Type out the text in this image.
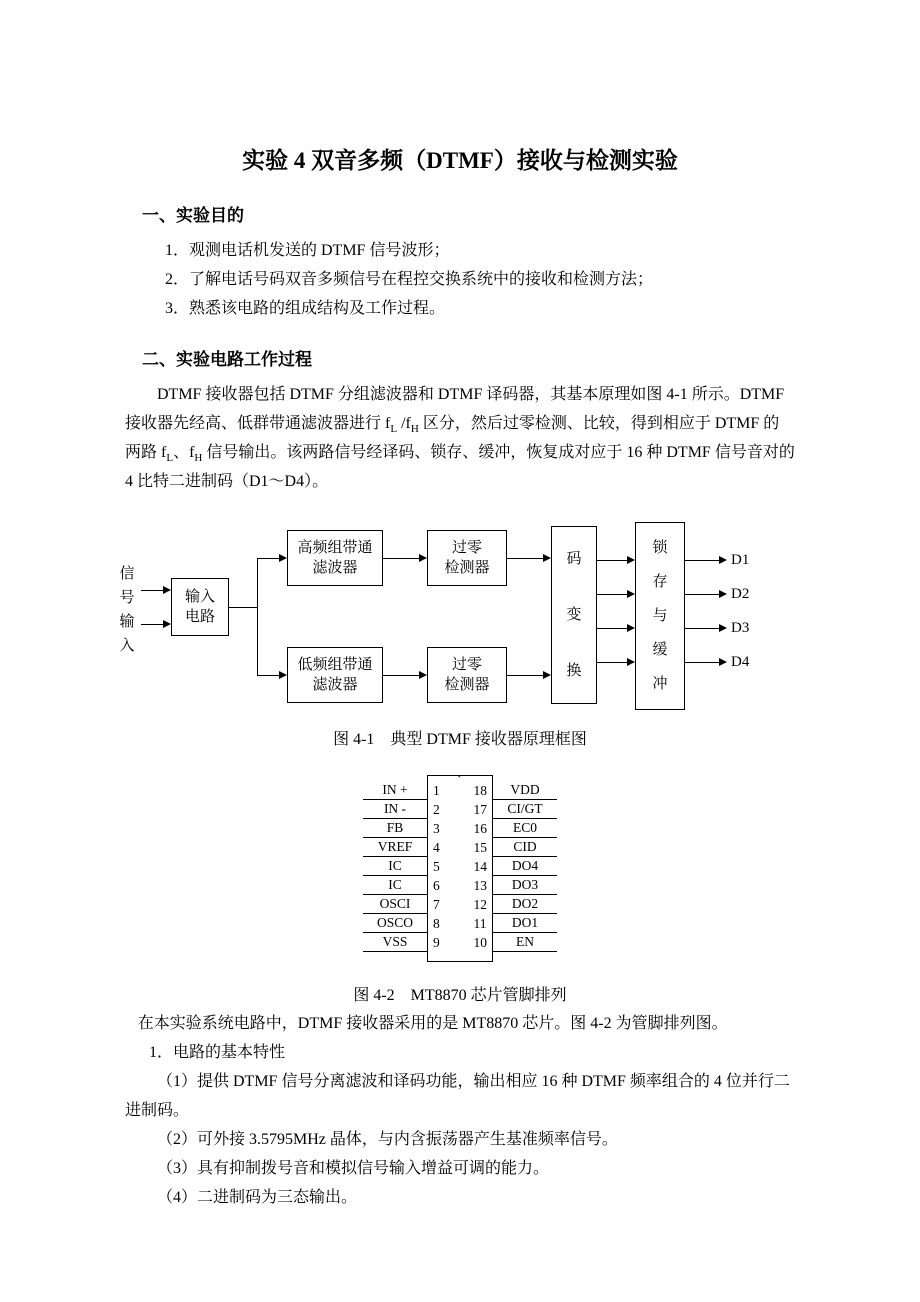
实验 4 双音多频（DTMF）接收与检测实验
一、实验目的

1．观测电话机发送的 DTMF 信号波形；

2．了解电话号码双音多频信号在程控交换系统中的接收和检测方法；

3．熟悉该电路的组成结构及工作过程。

二、实验电路工作过程

DTMF 接收器包括 DTMF 分组滤波器和 DTMF 译码器，其基本原理如图 4-1 所示。DTMF 接收器先经高、低群带通滤波器进行 $f_L$ $/f_H$ 区分，然后过零检测、比较，得到相应于 DTMF 的两路 $f_L$、$f_H$ 信号输出。该两路信号经译码、锁存、缓冲，恢复成对应于 16 种 DTMF 信号音对的 4 比特二进制码（D1～D4）。

信号输入
输入
电路
高频组带通
滤波器
低频组带通
滤波器
过零
检测器
过零
检测器
码变换
锁存与缓冲
D1
D2
D3
D4

图 4-1　典型 DTMF 接收器原理框图

IN +
IN -
FB
VREF
IC
IC
OSCI
OSCO
VSS
`
1
2
3
4
5
6
7
8
9
18
17
16
15
14
13
12
11
10
VDD
CI/GT
EC0
CID
DO4
DO3
DO2
DO1
EN

图 4-2　MT8870 芯片管脚排列

在本实验系统电路中，DTMF 接收器采用的是 MT8870 芯片。图 4-2 为管脚排列图。

1．电路的基本特性

（1）提供 DTMF 信号分离滤波和译码功能，输出相应 16 种 DTMF 频率组合的 4 位并行二进制码。

（2）可外接 3.5795MHz 晶体，与内含振荡器产生基准频率信号。

（3）具有抑制拨号音和模拟信号输入增益可调的能力。

（4）二进制码为三态输出。
